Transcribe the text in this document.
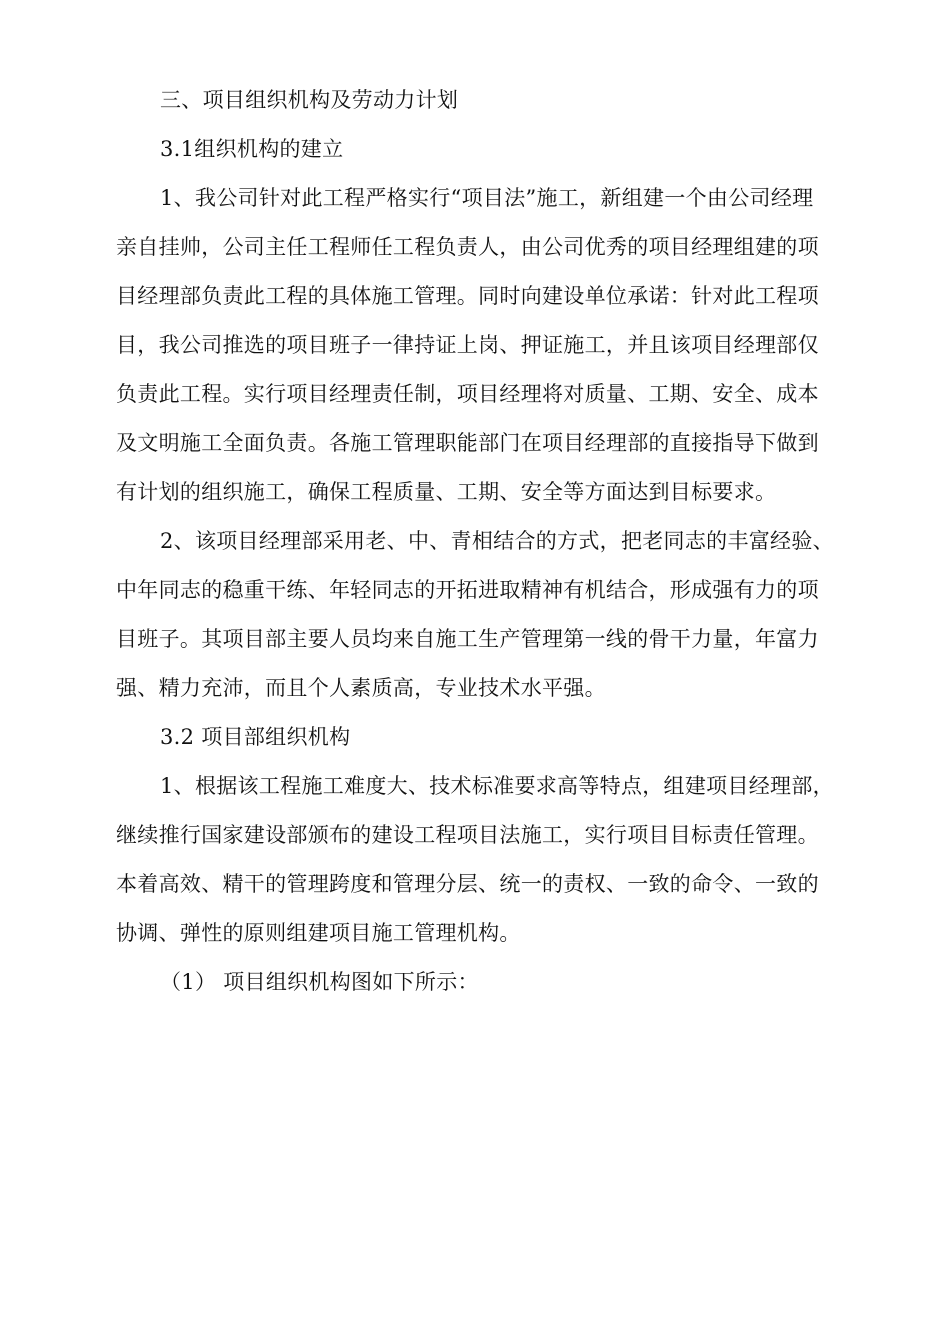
三、项目组织机构及劳动力计划
3.1组织机构的建立
1、我公司针对此工程严格实行“项目法”施工，新组建一个由公司经理
亲自挂帅，公司主任工程师任工程负责人，由公司优秀的项目经理组建的项
目经理部负责此工程的具体施工管理。同时向建设单位承诺：针对此工程项
目，我公司推选的项目班子一律持证上岗、押证施工，并且该项目经理部仅
负责此工程。实行项目经理责任制，项目经理将对质量、工期、安全、成本
及文明施工全面负责。各施工管理职能部门在项目经理部的直接指导下做到
有计划的组织施工，确保工程质量、工期、安全等方面达到目标要求。
2、该项目经理部采用老、中、青相结合的方式，把老同志的丰富经验、
中年同志的稳重干练、年轻同志的开拓进取精神有机结合，形成强有力的项
目班子。其项目部主要人员均来自施工生产管理第一线的骨干力量，年富力
强、精力充沛，而且个人素质高，专业技术水平强。
3.2 项目部组织机构
1、根据该工程施工难度大、技术标准要求高等特点，组建项目经理部，
继续推行国家建设部颁布的建设工程项目法施工，实行项目目标责任管理。
本着高效、精干的管理跨度和管理分层、统一的责权、一致的命令、一致的
协调、弹性的原则组建项目施工管理机构。
（1） 项目组织机构图如下所示：
